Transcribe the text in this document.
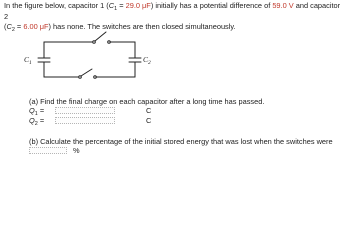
In the figure below, capacitor 1 ($C_1 = 29.0$ μF) initially has a potential difference of 59.0 V and capacitor 2
($C_2 = 6.00$ μF) has none. The switches are then closed simultaneously.

$C_1$	$C_2$
(a) Find the final charge on each capacitor after a long time has passed.
$Q_1$ =	C
$Q_2$ =	C
(b) Calculate the percentage of the initial stored energy that was lost when the switches were
%
